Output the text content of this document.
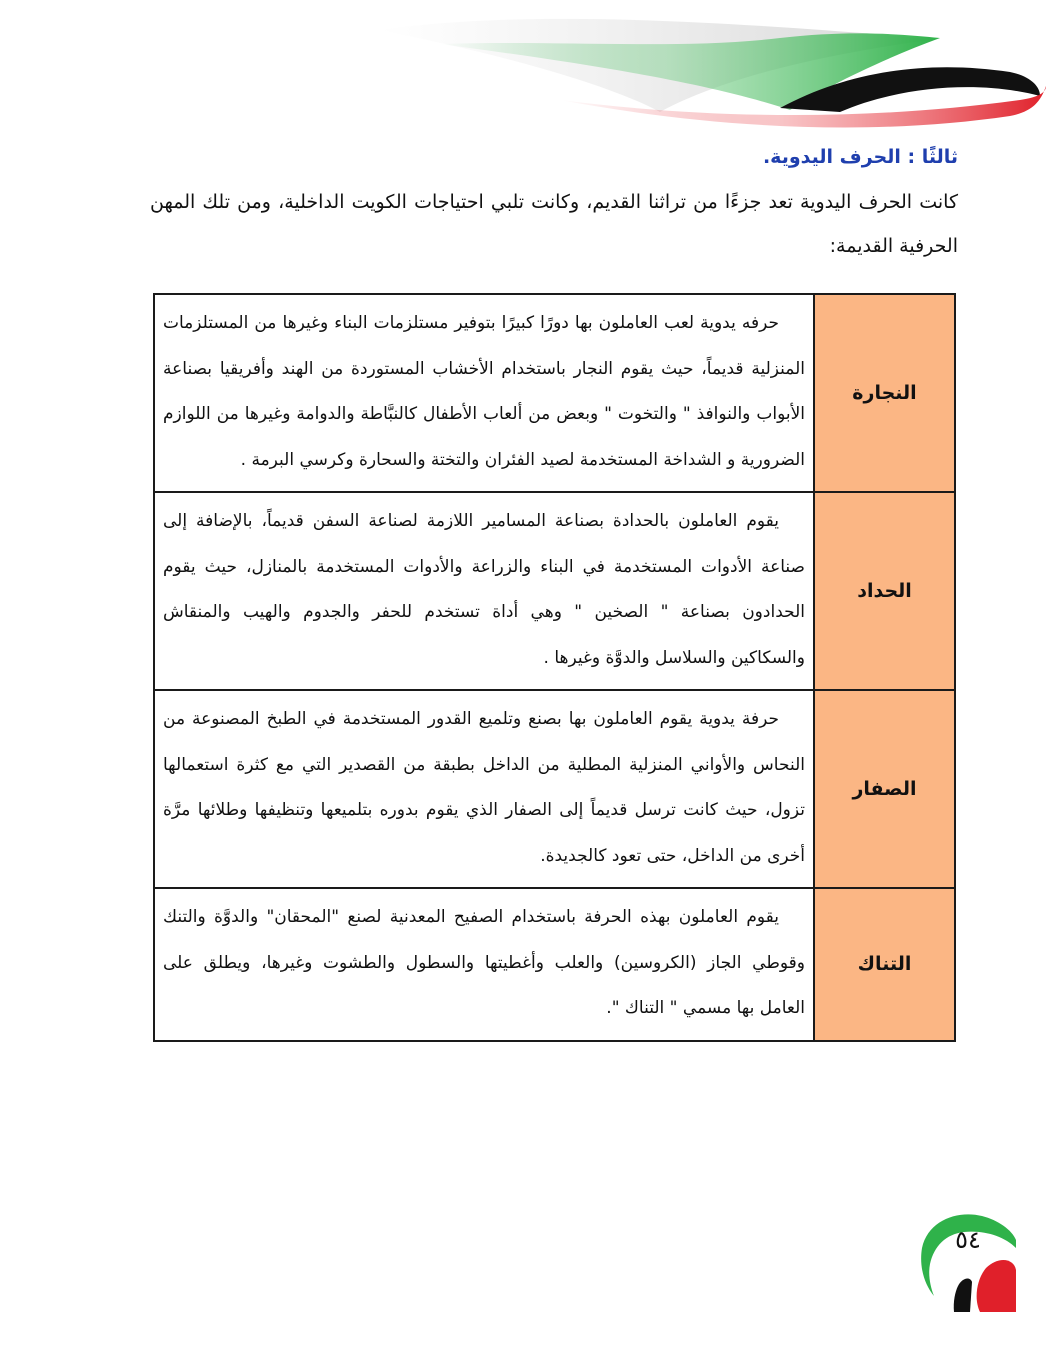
ثالثًا : الحرف اليدوية.

كانت الحرف اليدوية تعد جزءًا من تراثنا القديم، وكانت تلبي احتياجات الكويت الداخلية، ومن تلك المهن الحرفية القديمة:

النجارة	حرفه يدوية لعب العاملون بها دورًا كبيرًا بتوفير مستلزمات البناء وغيرها من المستلزمات المنزلية قديماً، حيث يقوم النجار باستخدام الأخشاب المستوردة من الهند وأفريقيا بصناعة الأبواب والنوافذ " والتخوت " وبعض من ألعاب الأطفال كالنبَّاطة والدوامة وغيرها من اللوازم الضرورية و الشداخة المستخدمة لصيد الفئران والتختة والسحارة وكرسي البرمة .
الحداد	يقوم العاملون بالحدادة بصناعة المسامير اللازمة لصناعة السفن قديماً، بالإضافة إلى صناعة الأدوات المستخدمة في البناء والزراعة والأدوات المستخدمة بالمنازل، حيث يقوم الحدادون بصناعة " الصخين " وهي أداة تستخدم للحفر والجدوم والهيب والمنقاش والسكاكين والسلاسل والدوَّة وغيرها .
الصفار	حرفة يدوية يقوم العاملون بها بصنع وتلميع القدور المستخدمة في الطبخ المصنوعة من النحاس والأواني المنزلية المطلية من الداخل بطبقة من القصدير التي مع كثرة استعمالها تزول، حيث كانت ترسل قديماً إلى الصفار الذي يقوم بدوره بتلميعها وتنظيفها وطلائها مرَّة أخرى من الداخل، حتى تعود كالجديدة.
التناك	يقوم العاملون بهذه الحرفة باستخدام الصفيح المعدنية لصنع "المحقان" والدوَّة والتنك وقوطي الجاز (الكروسين) والعلب وأغطيتها والسطول والطشوت وغيرها، ويطلق على العامل بها مسمي " التناك ".
٥٤
